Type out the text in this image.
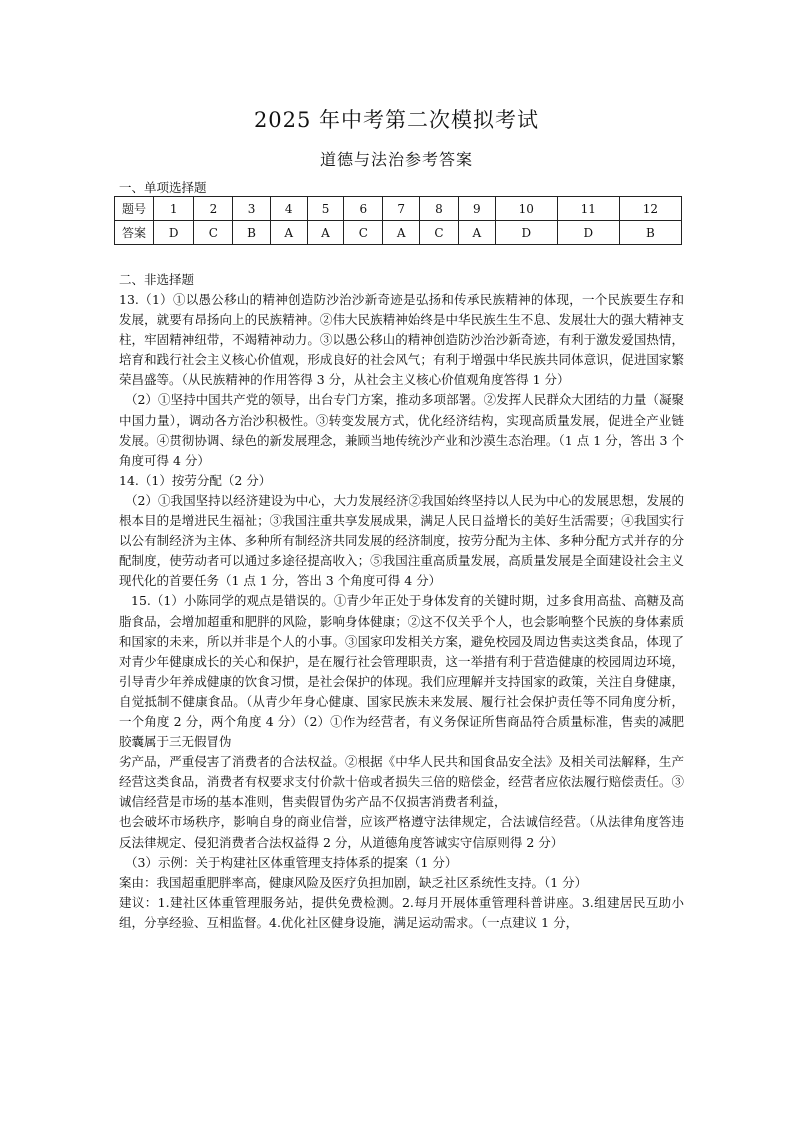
2025 年中考第二次模拟考试
道德与法治参考答案
一、单项选择题
题号	1	2	3	4	5	6	7	8	9	10	11	12
答案	D	C	B	A	A	C	A	C	A	D	D	B
二、非选择题

13.（1）①以愚公移山的精神创造防沙治沙新奇迹是弘扬和传承民族精神的体现，一个民族要生存和发展，就要有昂扬向上的民族精神。②伟大民族精神始终是中华民族生生不息、发展壮大的强大精神支柱，牢固精神纽带，不竭精神动力。③以愚公移山的精神创造防沙治沙新奇迹，有利于激发爱国热情，培育和践行社会主义核心价值观，形成良好的社会风气；有利于增强中华民族共同体意识，促进国家繁荣昌盛等。（从民族精神的作用答得 3 分，从社会主义核心价值观角度答得 1 分）

（2）①坚持中国共产党的领导，出台专门方案，推动多项部署。②发挥人民群众大团结的力量（凝聚中国力量），调动各方治沙积极性。③转变发展方式，优化经济结构，实现高质量发展，促进全产业链发展。④贯彻协调、绿色的新发展理念，兼顾当地传统沙产业和沙漠生态治理。（1 点 1 分，答出 3 个角度可得 4 分）

14.（1）按劳分配（2 分）

（2）①我国坚持以经济建设为中心，大力发展经济②我国始终坚持以人民为中心的发展思想，发展的根本目的是增进民生福祉；③我国注重共享发展成果，满足人民日益增长的美好生活需要；④我国实行以公有制经济为主体、多种所有制经济共同发展的经济制度，按劳分配为主体、多种分配方式并存的分配制度，使劳动者可以通过多途径提高收入；⑤我国注重高质量发展，高质量发展是全面建设社会主义现代化的首要任务（1 点 1 分，答出 3 个角度可得 4 分）

15.（1）小陈同学的观点是错误的。①青少年正处于身体发育的关键时期，过多食用高盐、高糖及高脂食品，会增加超重和肥胖的风险，影响身体健康；②这不仅关乎个人，也会影响整个民族的身体素质和国家的未来，所以并非是个人的小事。③国家印发相关方案，避免校园及周边售卖这类食品，体现了对青少年健康成长的关心和保护，是在履行社会管理职责，这一举措有利于营造健康的校园周边环境，引导青少年养成健康的饮食习惯，是社会保护的体现。我们应理解并支持国家的政策，关注自身健康，自觉抵制不健康食品。（从青少年身心健康、国家民族未来发展、履行社会保护责任等不同角度分析，一个角度 2 分，两个角度 4 分）（2）①作为经营者，有义务保证所售商品符合质量标准，售卖的减肥胶囊属于三无假冒伪

劣产品，严重侵害了消费者的合法权益。②根据《中华人民共和国食品安全法》及相关司法解释，生产经营这类食品，消费者有权要求支付价款十倍或者损失三倍的赔偿金，经营者应依法履行赔偿责任。③诚信经营是市场的基本准则，售卖假冒伪劣产品不仅损害消费者利益，

也会破坏市场秩序，影响自身的商业信誉，应该严格遵守法律规定，合法诚信经营。（从法律角度答违反法律规定、侵犯消费者合法权益得 2 分，从道德角度答诚实守信原则得 2 分）

（3）示例：关于构建社区体重管理支持体系的提案（1 分）

案由：我国超重肥胖率高，健康风险及医疗负担加剧，缺乏社区系统性支持。（1 分）

建议：1.建社区体重管理服务站，提供免费检测。2.每月开展体重管理科普讲座。3.组建居民互助小组，分享经验、互相监督。4.优化社区健身设施，满足运动需求。（一点建议 1 分，
